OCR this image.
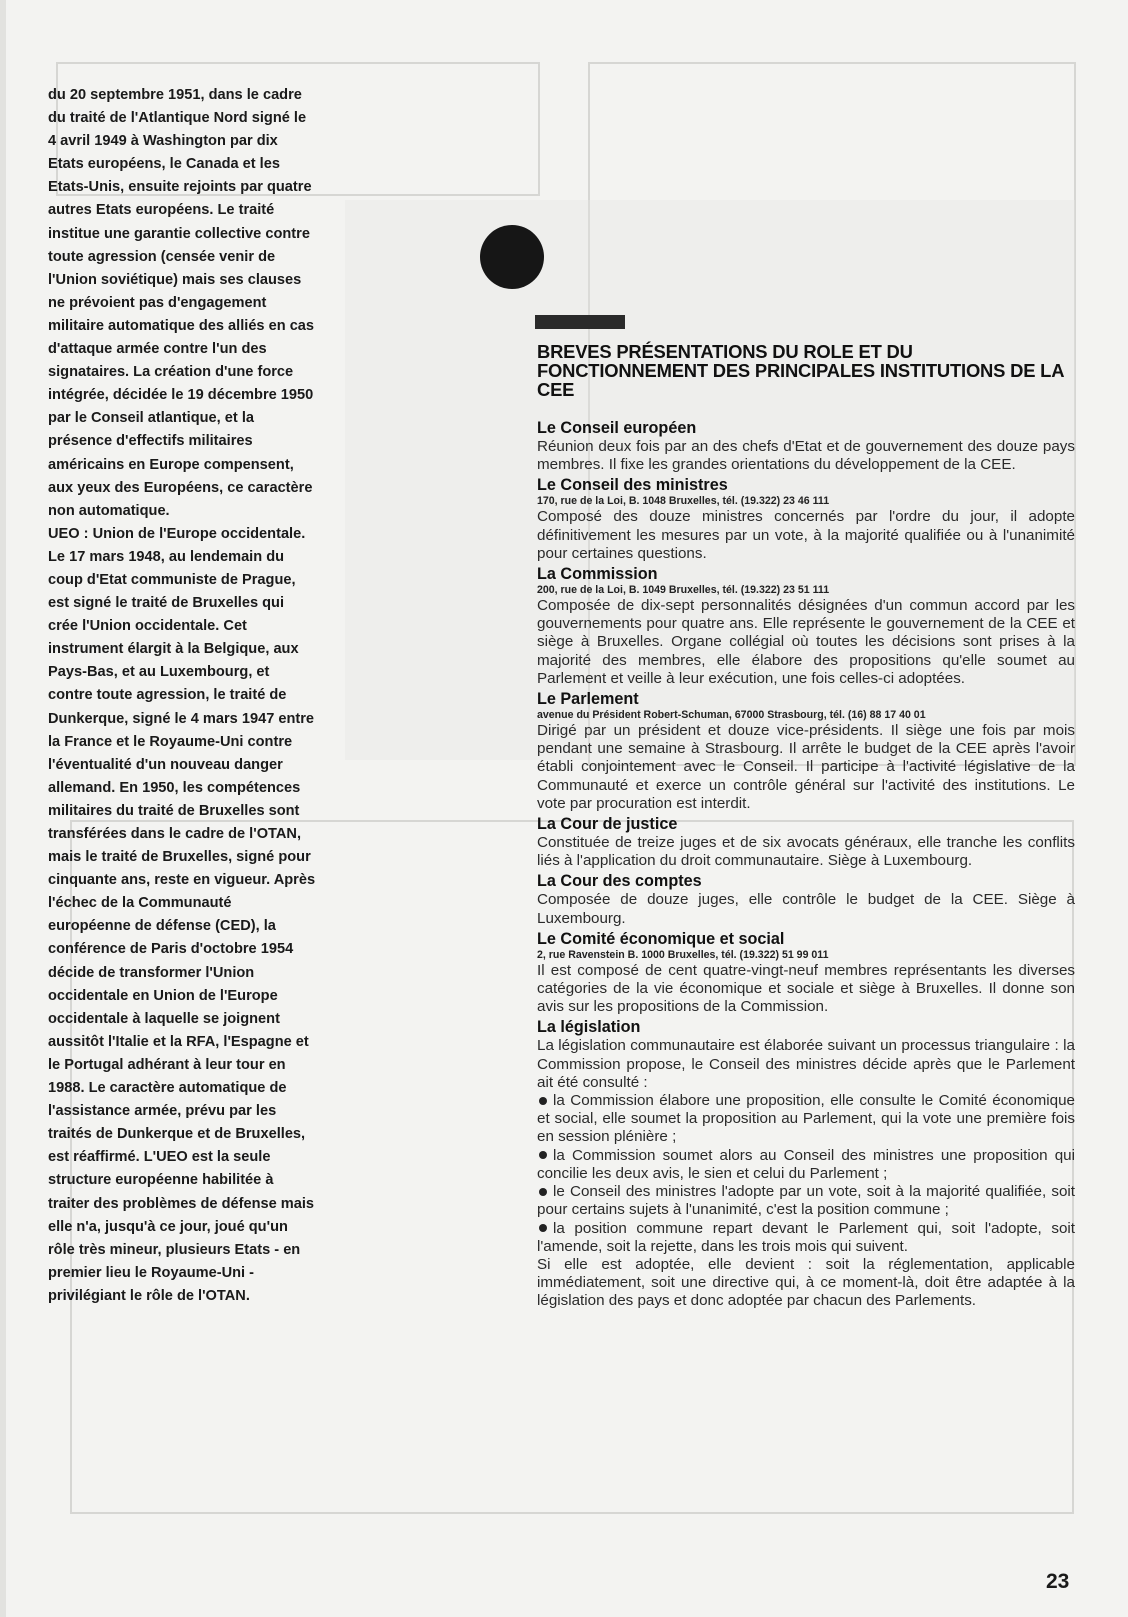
du 20 septembre 1951, dans le cadre du traité de l'Atlantique Nord signé le 4 avril 1949 à Washington par dix Etats européens, le Canada et les Etats-Unis, ensuite rejoints par quatre autres Etats européens. Le traité institue une garantie collective contre toute agression (censée venir de l'Union soviétique) mais ses clauses ne prévoient pas d'engagement militaire automatique des alliés en cas d'attaque armée contre l'un des signataires. La création d'une force intégrée, décidée le 19 décembre 1950 par le Conseil atlantique, et la présence d'effectifs militaires américains en Europe compensent, aux yeux des Européens, ce caractère non automatique.

UEO : Union de l'Europe occidentale. Le 17 mars 1948, au lendemain du coup d'Etat communiste de Prague, est signé le traité de Bruxelles qui crée l'Union occidentale. Cet instrument élargit à la Belgique, aux Pays-Bas, et au Luxembourg, et contre toute agression, le traité de Dunkerque, signé le 4 mars 1947 entre la France et le Royaume-Uni contre l'éventualité d'un nouveau danger allemand. En 1950, les compétences militaires du traité de Bruxelles sont transférées dans le cadre de l'OTAN, mais le traité de Bruxelles, signé pour cinquante ans, reste en vigueur. Après l'échec de la Communauté européenne de défense (CED), la conférence de Paris d'octobre 1954 décide de transformer l'Union occidentale en Union de l'Europe occidentale à laquelle se joignent aussitôt l'Italie et la RFA, l'Espagne et le Portugal adhérant à leur tour en 1988. Le caractère automatique de l'assistance armée, prévu par les traités de Dunkerque et de Bruxelles, est réaffirmé. L'UEO est la seule structure européenne habilitée à traiter des problèmes de défense mais elle n'a, jusqu'à ce jour, joué qu'un rôle très mineur, plusieurs Etats - en premier lieu le Royaume-Uni - privilégiant le rôle de l'OTAN.

BREVES PRÉSENTATIONS DU ROLE ET DU FONCTIONNEMENT DES PRINCIPALES INSTITUTIONS DE LA CEE
Le Conseil européen

Réunion deux fois par an des chefs d'Etat et de gouvernement des douze pays membres. Il fixe les grandes orientations du développement de la CEE.

Le Conseil des ministres

170, rue de la Loi, B. 1048 Bruxelles, tél. (19.322) 23 46 111

Composé des douze ministres concernés par l'ordre du jour, il adopte définitivement les mesures par un vote, à la majorité qualifiée ou à l'unanimité pour certaines questions.

La Commission

200, rue de la Loi, B. 1049 Bruxelles, tél. (19.322) 23 51 111

Composée de dix-sept personnalités désignées d'un commun accord par les gouvernements pour quatre ans. Elle représente le gouvernement de la CEE et siège à Bruxelles. Organe collégial où toutes les décisions sont prises à la majorité des membres, elle élabore des propositions qu'elle soumet au Parlement et veille à leur exécution, une fois celles-ci adoptées.

Le Parlement

avenue du Président Robert-Schuman, 67000 Strasbourg, tél. (16) 88 17 40 01

Dirigé par un président et douze vice-présidents. Il siège une fois par mois pendant une semaine à Strasbourg. Il arrête le budget de la CEE après l'avoir établi conjointement avec le Conseil. Il participe à l'activité législative de la Communauté et exerce un contrôle général sur l'activité des institutions. Le vote par procuration est interdit.

La Cour de justice

Constituée de treize juges et de six avocats généraux, elle tranche les conflits liés à l'application du droit communautaire. Siège à Luxembourg.

La Cour des comptes

Composée de douze juges, elle contrôle le budget de la CEE. Siège à Luxembourg.

Le Comité économique et social

2, rue Ravenstein B. 1000 Bruxelles, tél. (19.322) 51 99 011

Il est composé de cent quatre-vingt-neuf membres représentants les diverses catégories de la vie économique et sociale et siège à Bruxelles. Il donne son avis sur les propositions de la Commission.

La législation

La législation communautaire est élaborée suivant un processus triangulaire : la Commission propose, le Conseil des ministres décide après que le Parlement ait été consulté :

la Commission élabore une proposition, elle consulte le Comité économique et social, elle soumet la proposition au Parlement, qui la vote une première fois en session plénière ;
la Commission soumet alors au Conseil des ministres une proposition qui concilie les deux avis, le sien et celui du Parlement ;
le Conseil des ministres l'adopte par un vote, soit à la majorité qualifiée, soit pour certains sujets à l'unanimité, c'est la position commune ;
la position commune repart devant le Parlement qui, soit l'adopte, soit l'amende, soit la rejette, dans les trois mois qui suivent.

Si elle est adoptée, elle devient : soit la réglementation, applicable immédiatement, soit une directive qui, à ce moment-là, doit être adaptée à la législation des pays et donc adoptée par chacun des Parlements.

23
